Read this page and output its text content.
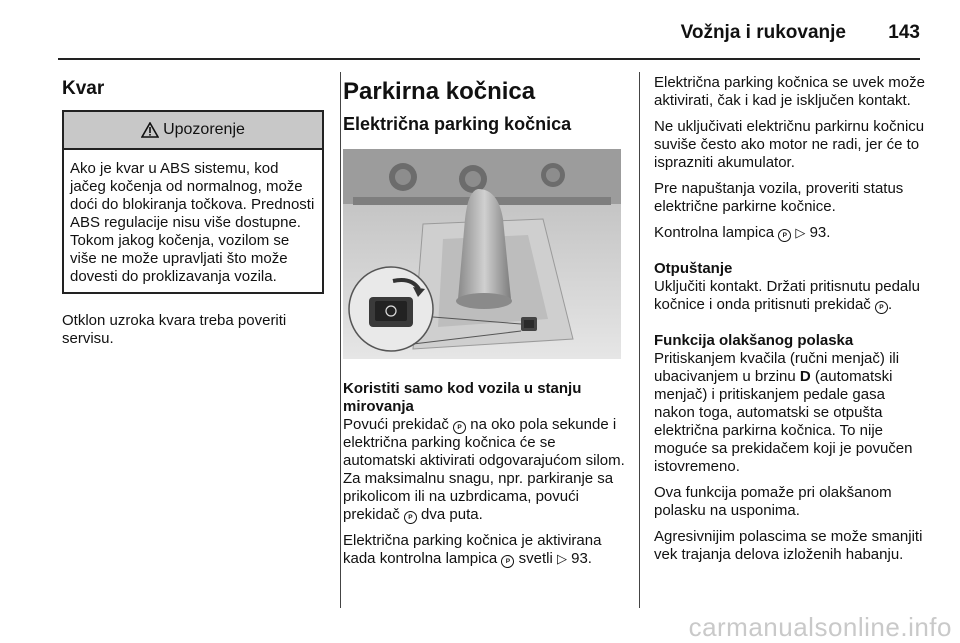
Vožnja i rukovanje	143
Kvar
Upozorenje
Ako je kvar u ABS sistemu, kod jačeg kočenja od normalnog, može doći do blokiranja točkova. Prednosti ABS regulacije nisu više dostupne. Tokom jakog kočenja, vozilom se više ne može upravljati što može dovesti do proklizavanja vozila.

Otklon uzroka kvara treba poveriti servisu.

Parkirna kočnica
Električna parking kočnica

Koristiti samo kod vozila u stanju mirovanja

Povući prekidač P na oko pola sekunde i električna parking kočnica će se automatski aktivirati odgovarajućom silom. Za maksimalnu snagu, npr. parkiranje sa prikolicom ili na uzbrdicama, povući prekidač P dva puta.

Električna parking kočnica je aktivirana kada kontrolna lampica P svetli ▷ 93.

Električna parking kočnica se uvek može aktivirati, čak i kad je isključen kontakt.

Ne uključivati električnu parkirnu kočnicu suviše često ako motor ne radi, jer će to isprazniti akumulator.

Pre napuštanja vozila, proveriti status električne parkirne kočnice.

Kontrolna lampica P ▷ 93.

Otpuštanje

Uključiti kontakt. Držati pritisnutu pedalu kočnice i onda pritisnuti prekidač P .

Funkcija olakšanog polaska

Pritiskanjem kvačila (ručni menjač) ili ubacivanjem u brzinu D (automatski menjač) i pritiskanjem pedale gasa nakon toga, automatski se otpušta električna parkirna kočnica. To nije moguće sa prekidačem koji je povučen istovremeno.

Ova funkcija pomaže pri olakšanom polasku na usponima.

Agresivnijim polascima se može smanjiti vek trajanja delova izloženih habanju.

carmanualsonline.info
